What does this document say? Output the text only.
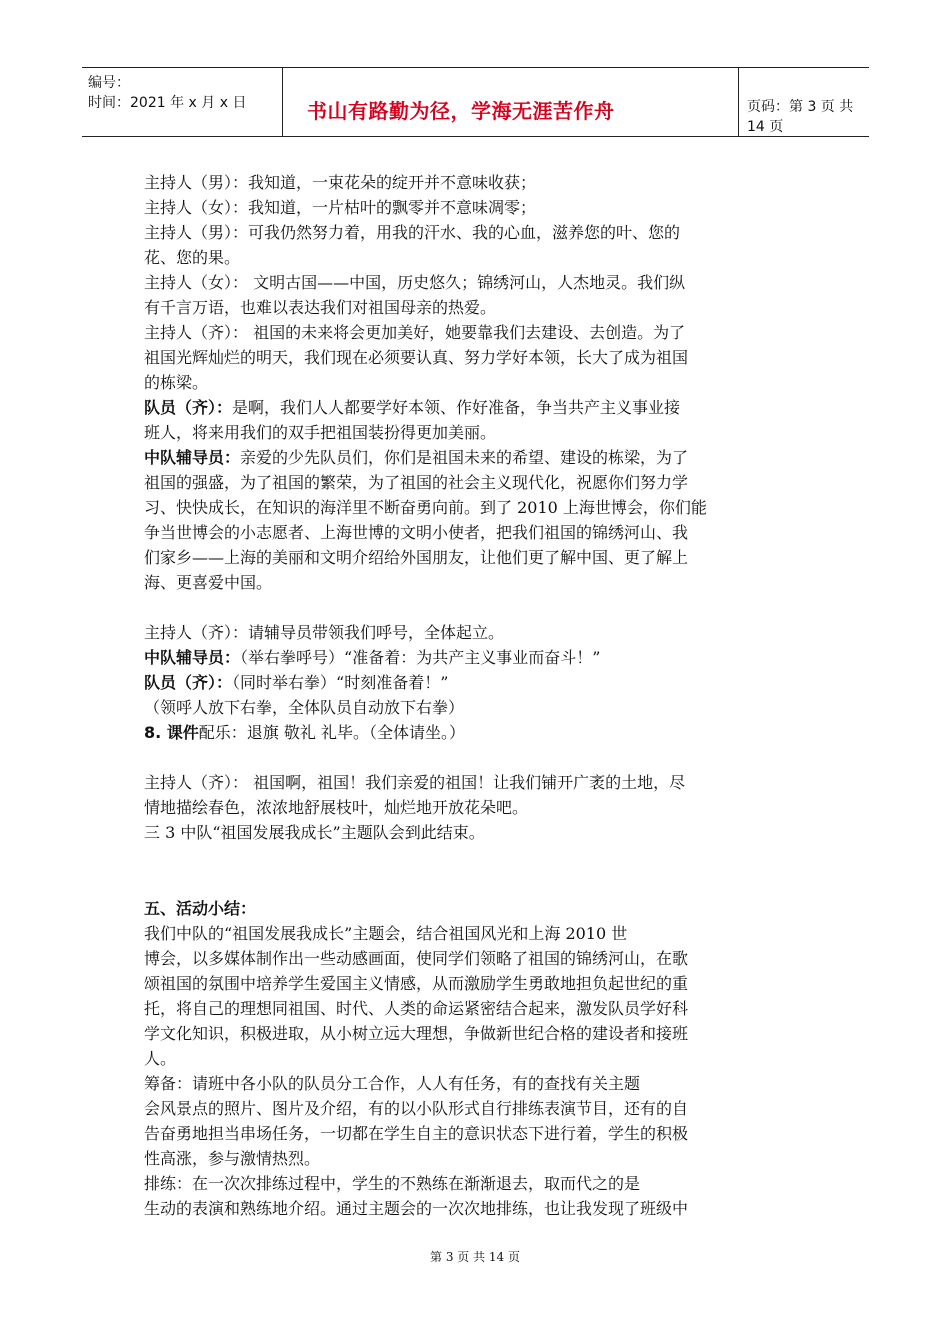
编号：
时间：2021 年 x 月 x 日	书山有路勤为径，学海无涯苦作舟	页码：第 3 页 共 14 页
主持人（男）：我知道，一束花朵的绽开并不意味收获；
主持人（女）：我知道，一片枯叶的飘零并不意味凋零；
主持人（男）：可我仍然努力着，用我的汗水、我的心血，滋养您的叶、您的
花、您的果。
主持人（女）： 文明古国——中国，历史悠久；锦绣河山，人杰地灵。我们纵
有千言万语，也难以表达我们对祖国母亲的热爱。
主持人（齐）： 祖国的未来将会更加美好，她要靠我们去建设、去创造。为了
祖国光辉灿烂的明天，我们现在必须要认真、努力学好本领，长大了成为祖国
的栋梁。
队员（齐）：是啊，我们人人都要学好本领、作好准备，争当共产主义事业接
班人，将来用我们的双手把祖国装扮得更加美丽。
中队辅导员：亲爱的少先队员们，你们是祖国未来的希望、建设的栋梁，为了
祖国的强盛，为了祖国的繁荣，为了祖国的社会主义现代化，祝愿你们努力学
习、快快成长，在知识的海洋里不断奋勇向前。到了 2010 上海世博会，你们能
争当世博会的小志愿者、上海世博的文明小使者，把我们祖国的锦绣河山、我
们家乡——上海的美丽和文明介绍给外国朋友，让他们更了解中国、更了解上
海、更喜爱中国。
主持人（齐）：请辅导员带领我们呼号，全体起立。
中队辅导员：（举右拳呼号）“准备着：为共产主义事业而奋斗！”
队员（齐）：（同时举右拳）“时刻准备着！”
（领呼人放下右拳，全体队员自动放下右拳）
8. 课件配乐：退旗 敬礼 礼毕。（全体请坐。）
主持人（齐）： 祖国啊，祖国！我们亲爱的祖国！让我们铺开广袤的土地，尽
情地描绘春色，浓浓地舒展枝叶，灿烂地开放花朵吧。
三 3 中队“祖国发展我成长”主题队会到此结束。
五、活动小结：
我们中队的“祖国发展我成长”主题会，结合祖国风光和上海 2010 世
博会，以多媒体制作出一些动感画面，使同学们领略了祖国的锦绣河山，在歌
颂祖国的氛围中培养学生爱国主义情感，从而激励学生勇敢地担负起世纪的重
托，将自己的理想同祖国、时代、人类的命运紧密结合起来，激发队员学好科
学文化知识，积极进取，从小树立远大理想，争做新世纪合格的建设者和接班
人。
筹备：请班中各小队的队员分工合作，人人有任务，有的查找有关主题
会风景点的照片、图片及介绍，有的以小队形式自行排练表演节目，还有的自
告奋勇地担当串场任务，一切都在学生自主的意识状态下进行着，学生的积极
性高涨，参与激情热烈。
排练：在一次次排练过程中，学生的不熟练在渐渐退去，取而代之的是
生动的表演和熟练地介绍。通过主题会的一次次地排练，也让我发现了班级中
第 3 页 共 14 页
